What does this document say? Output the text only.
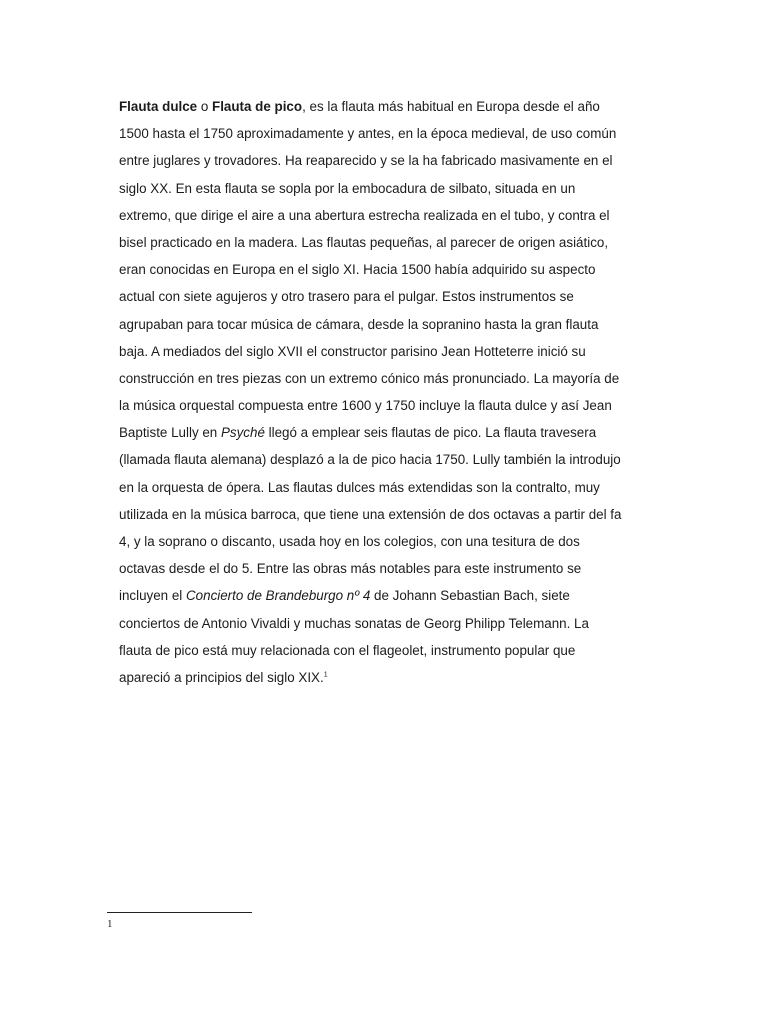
Flauta dulce o Flauta de pico, es la flauta más habitual en Europa desde el año
1500 hasta el 1750 aproximadamente y antes, en la época medieval, de uso común
entre juglares y trovadores. Ha reaparecido y se la ha fabricado masivamente en el
siglo XX. En esta flauta se sopla por la embocadura de silbato, situada en un
extremo, que dirige el aire a una abertura estrecha realizada en el tubo, y contra el
bisel practicado en la madera. Las flautas pequeñas, al parecer de origen asiático,
eran conocidas en Europa en el siglo XI. Hacia 1500 había adquirido su aspecto
actual con siete agujeros y otro trasero para el pulgar. Estos instrumentos se
agrupaban para tocar música de cámara, desde la sopranino hasta la gran flauta
baja. A mediados del siglo XVII el constructor parisino Jean Hotteterre inició su
construcción en tres piezas con un extremo cónico más pronunciado. La mayoría de
la música orquestal compuesta entre 1600 y 1750 incluye la flauta dulce y así Jean
Baptiste Lully en Psyché llegó a emplear seis flautas de pico. La flauta travesera
(llamada flauta alemana) desplazó a la de pico hacia 1750. Lully también la introdujo
en la orquesta de ópera. Las flautas dulces más extendidas son la contralto, muy
utilizada en la música barroca, que tiene una extensión de dos octavas a partir del fa
4, y la soprano o discanto, usada hoy en los colegios, con una tesitura de dos
octavas desde el do 5. Entre las obras más notables para este instrumento se
incluyen el Concierto de Brandeburgo nº 4 de Johann Sebastian Bach, siete
conciertos de Antonio Vivaldi y muchas sonatas de Georg Philipp Telemann. La
flauta de pico está muy relacionada con el flageolet, instrumento popular que
apareció a principios del siglo XIX.$^1$

1
